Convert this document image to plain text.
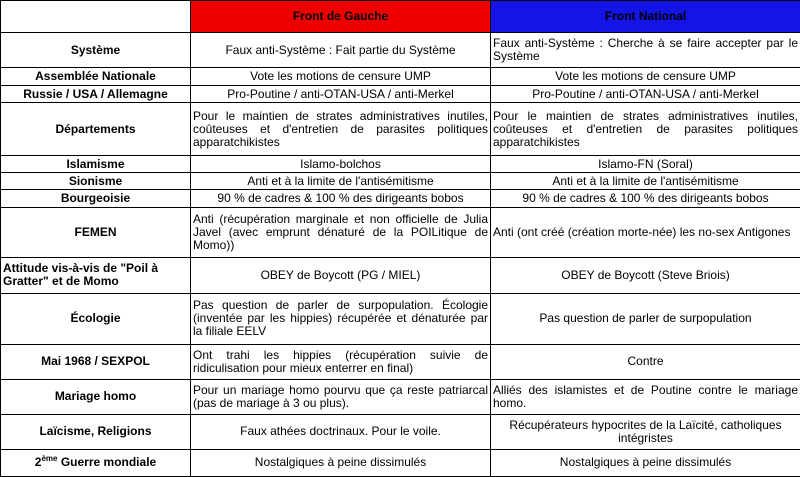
	Front de Gauche	Front National
Système	Faux anti-Système : Fait partie du Système	Faux anti-Système : Cherche à se faire accepter par le Système
Assemblée Nationale	Vote les motions de censure UMP	Vote les motions de censure UMP
Russie / USA / Allemagne	Pro-Poutine / anti-OTAN-USA / anti-Merkel	Pro-Poutine / anti-OTAN-USA / anti-Merkel
Départements	Pour le maintien de strates administratives inutiles, coûteuses et d'entretien de parasites politiques apparatchikistes	Pour le maintien de strates administratives inutiles, coûteuses et d'entretien de parasites politiques apparatchikistes
Islamisme	Islamo-bolchos	Islamo-FN (Soral)
Sionisme	Anti et à la limite de l'antisémitisme	Anti et à la limite de l'antisémitisme
Bourgeoisie	90 % de cadres & 100 % des dirigeants bobos	90 % de cadres & 100 % des dirigeants bobos
FEMEN	Anti (récupération marginale et non officielle de Julia Javel (avec emprunt dénaturé de la POILitique de Momo))	Anti (ont créé (création morte-née) les no-sex Antigones
Attitude vis-à-vis de "Poil à Gratter" et de Momo	OBEY de Boycott (PG / MIEL)	OBEY de Boycott (Steve Briois)
Écologie	Pas question de parler de surpopulation. Écologie (inventée par les hippies) récupérée et dénaturée par la filiale EELV	Pas question de parler de surpopulation
Mai 1968 / SEXPOL	Ont trahi les hippies (récupération suivie de ridiculisation pour mieux enterrer en final)	Contre
Mariage homo	Pour un mariage homo pourvu que ça reste patriarcal (pas de mariage à 3 ou plus).	Alliés des islamistes et de Poutine contre le mariage homo.
Laïcisme, Religions	Faux athées doctrinaux. Pour le voile.	Récupérateurs hypocrites de la Laïcité, catholiques intégristes
2ème Guerre mondiale	Nostalgiques à peine dissimulés	Nostalgiques à peine dissimulés
